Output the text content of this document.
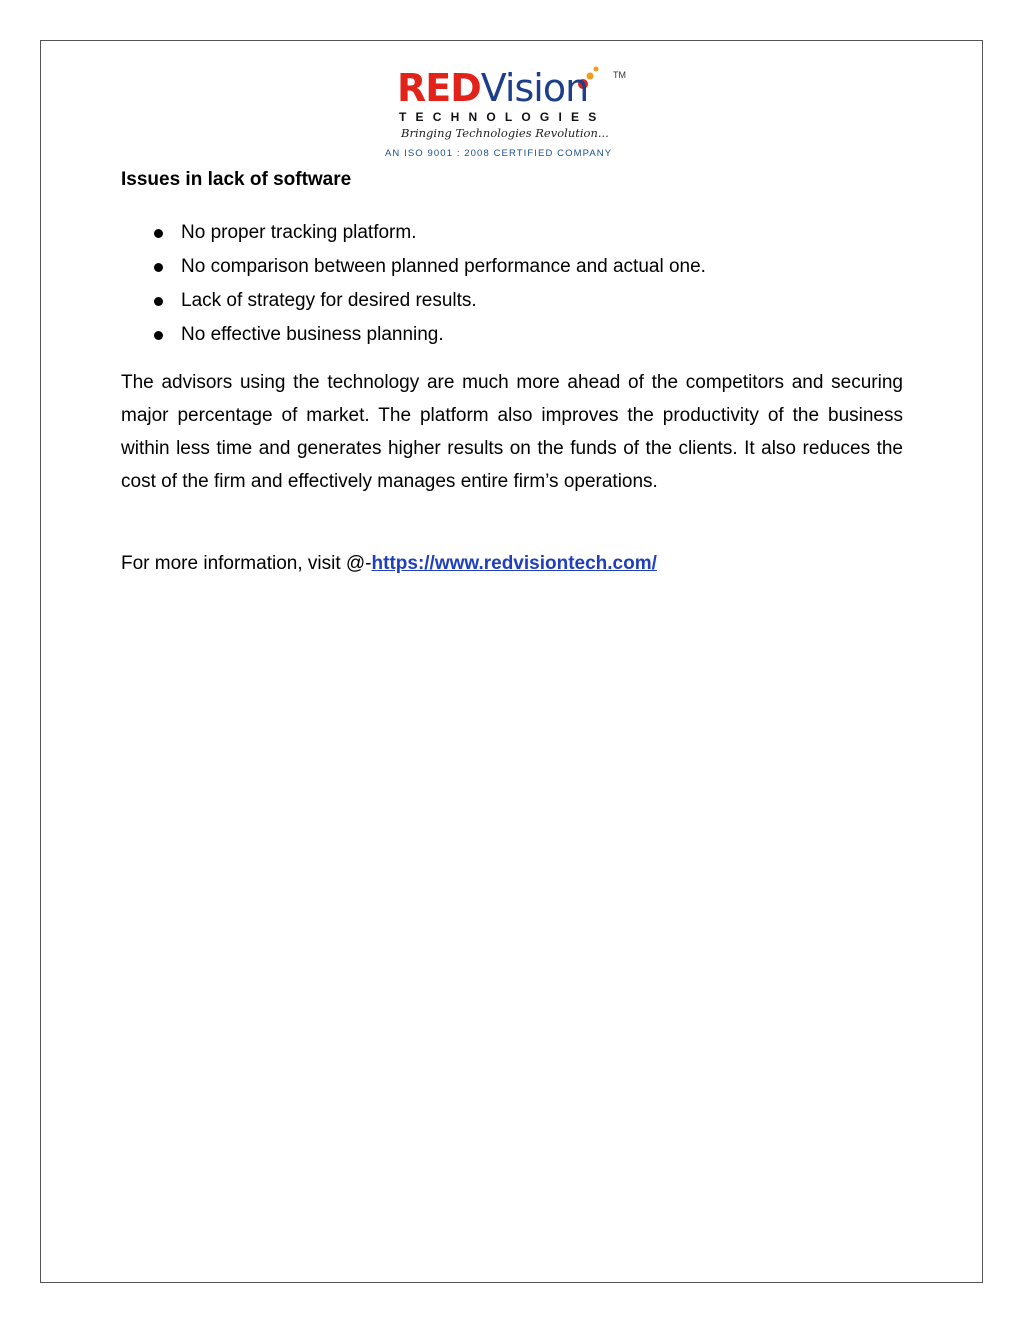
REDVision	TM
TECHNOLOGIES
Bringing Technologies Revolution...
AN ISO 9001 : 2008 CERTIFIED COMPANY
Issues in lack of software
No proper tracking platform.
No comparison between planned performance and actual one.
Lack of strategy for desired results.
No effective business planning.

The advisors using the technology are much more ahead of the competitors and securing major percentage of market. The platform also improves the productivity of the business within less time and generates higher results on the funds of the clients. It also reduces the cost of the firm and effectively manages entire firm’s operations.

For more information, visit @-https://www.redvisiontech.com/
